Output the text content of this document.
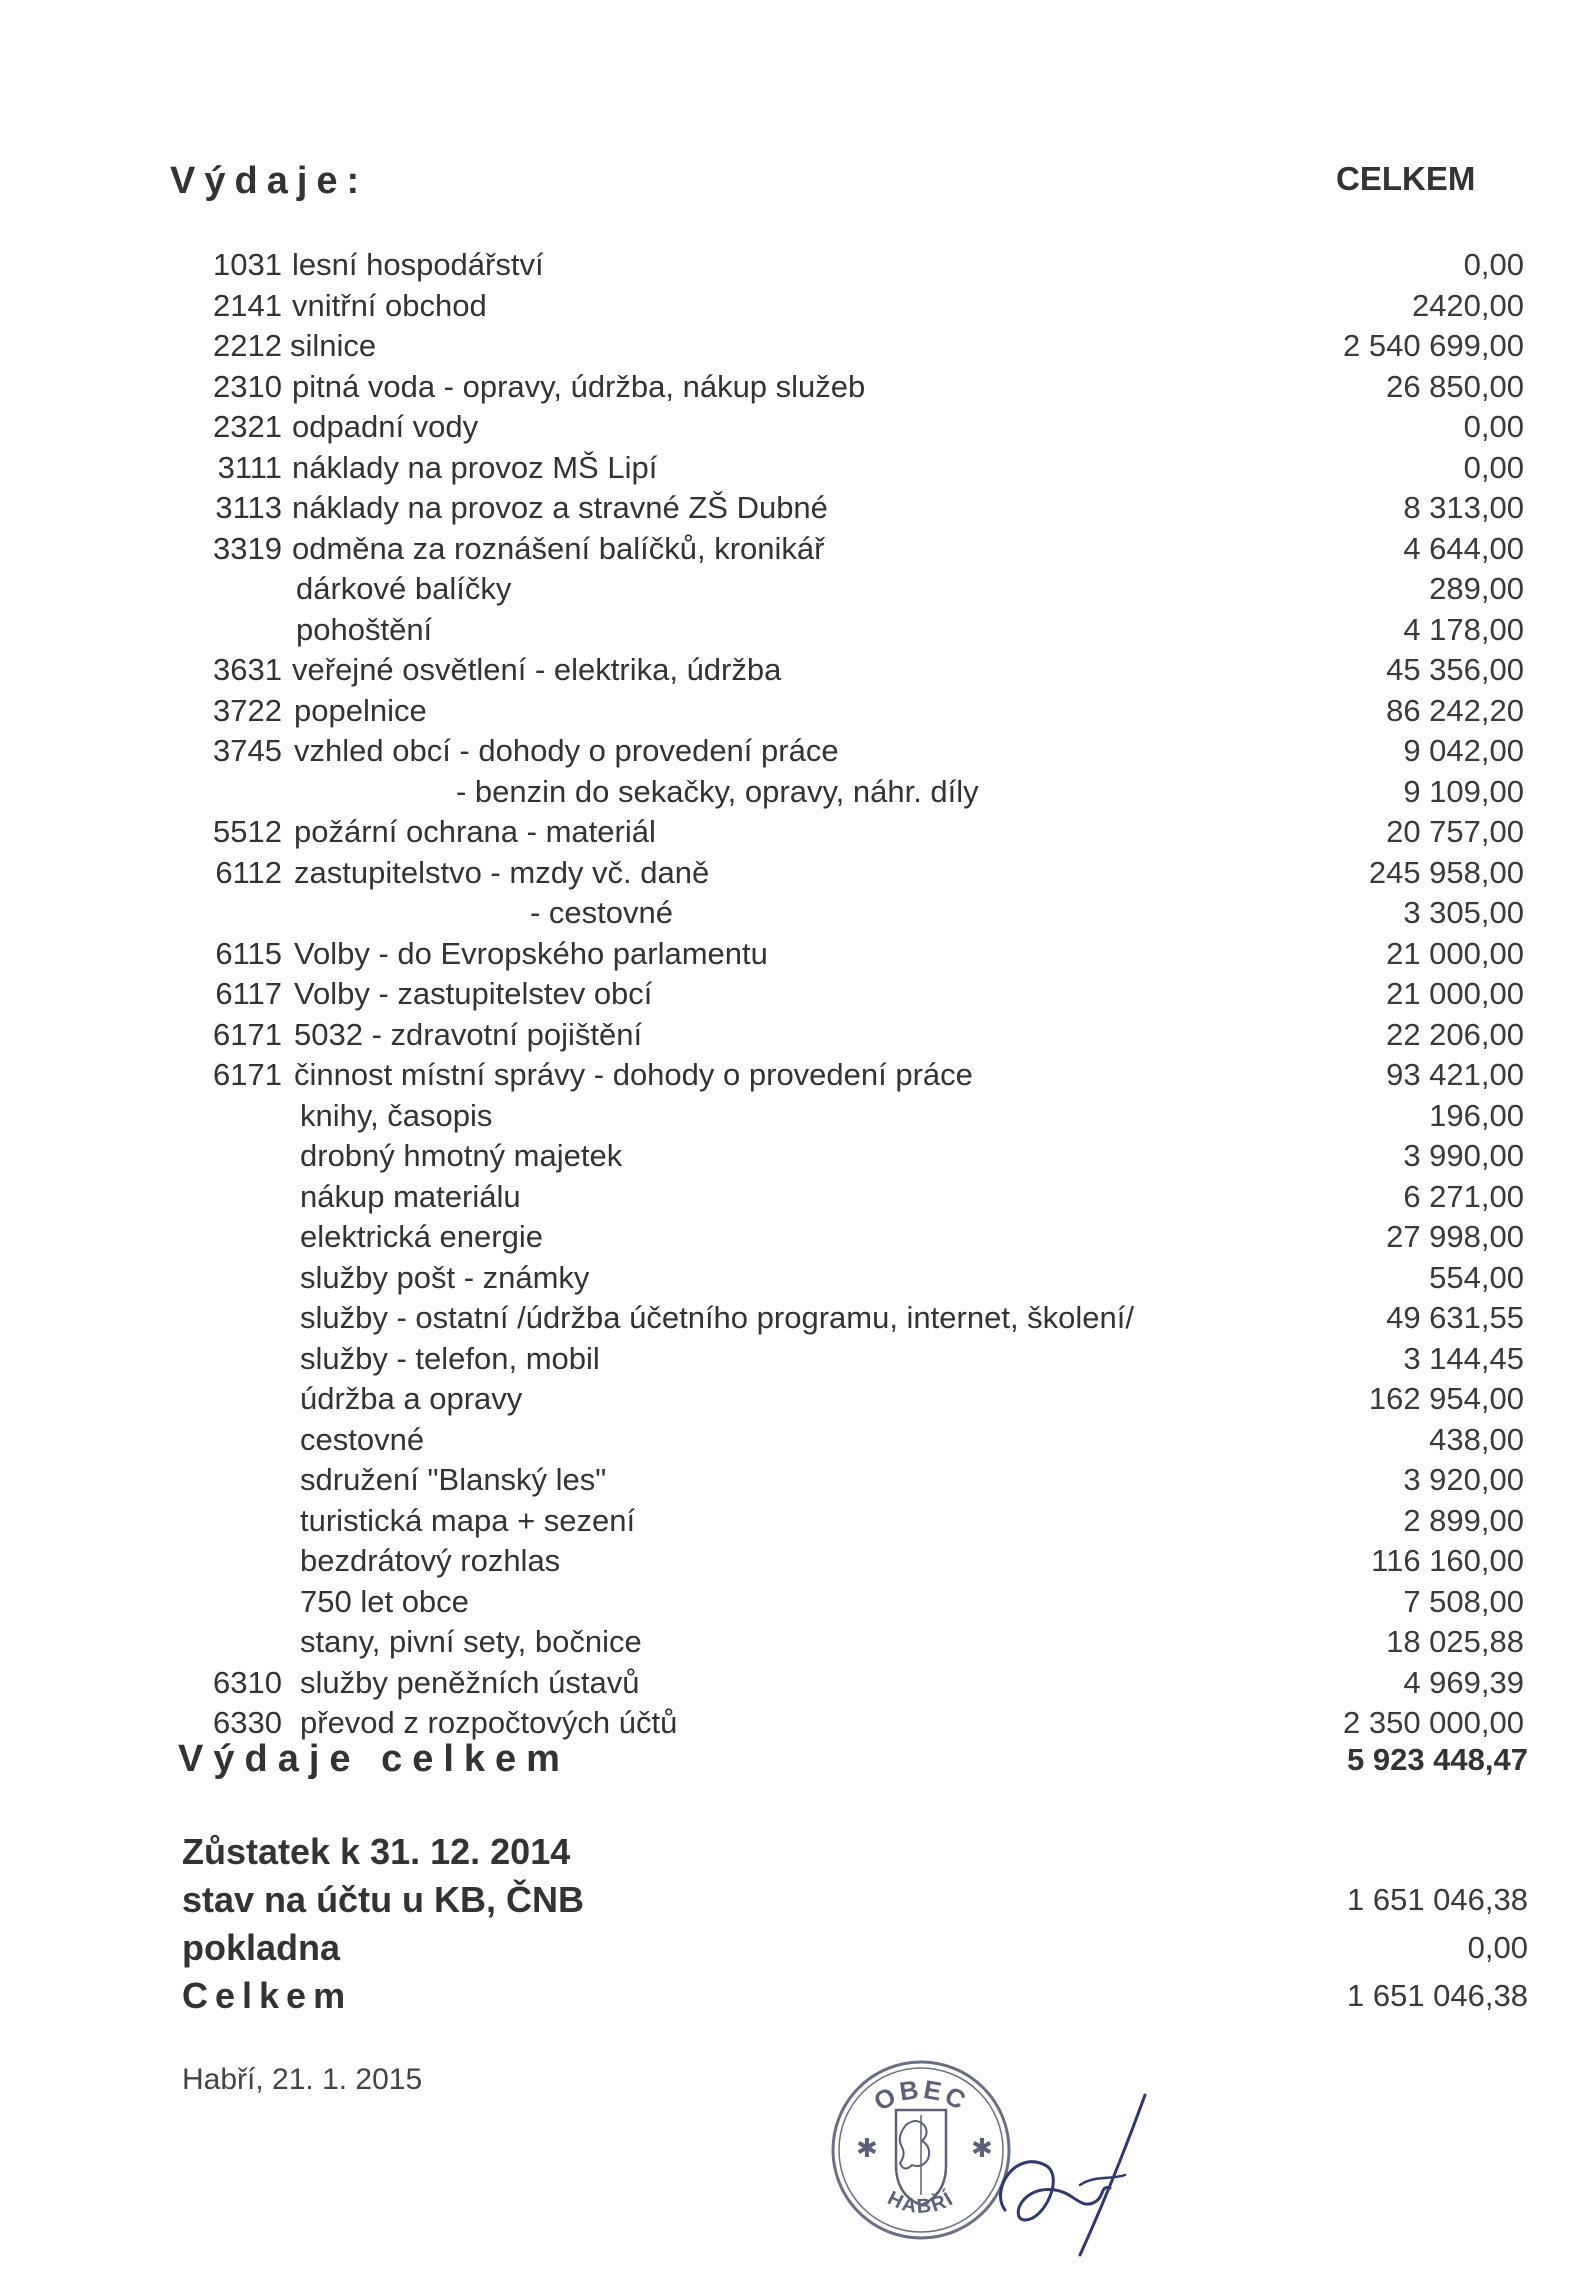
Výdaje:	CELKEM
1031 lesní hospodářství	0,00
2141 vnitřní obchod	2420,00
2212 silnice	2 540 699,00
2310 pitná voda - opravy, údržba, nákup služeb	26 850,00
2321 odpadní vody	0,00
3111 náklady na provoz MŠ Lipí	0,00
3113 náklady na provoz a stravné ZŠ Dubné	8 313,00
3319 odměna za roznášení balíčků, kronikář	4 644,00
dárkové balíčky	289,00
pohoštění	4 178,00
3631 veřejné osvětlení - elektrika, údržba	45 356,00
3722 popelnice	86 242,20
3745 vzhled obcí - dohody o provedení práce	9 042,00
- benzin do sekačky, opravy, náhr. díly	9 109,00
5512 požární ochrana - materiál	20 757,00
6112 zastupitelstvo - mzdy vč. daně	245 958,00
- cestovné	3 305,00
6115 Volby - do Evropského parlamentu	21 000,00
6117 Volby - zastupitelstev obcí	21 000,00
6171 5032 - zdravotní pojištění	22 206,00
6171 činnost místní správy - dohody o provedení práce	93 421,00
knihy, časopis	196,00
drobný hmotný majetek	3 990,00
nákup materiálu	6 271,00
elektrická energie	27 998,00
služby pošt - známky	554,00
služby - ostatní /údržba účetního programu, internet, školení/	49 631,55
služby - telefon, mobil	3 144,45
údržba a opravy	162 954,00
cestovné	438,00
sdružení "Blanský les"	3 920,00
turistická mapa + sezení	2 899,00
bezdrátový rozhlas	116 160,00
750 let obce	7 508,00
stany, pivní sety, bočnice	18 025,88
6310 služby peněžních ústavů	4 969,39
6330 převod z rozpočtových účtů	2 350 000,00
Výdaje celkem	5 923 448,47
Zůstatek k 31. 12. 2014
stav na účtu u KB, ČNB	1 651 046,38
pokladna	0,00
Celkem	1 651 046,38
Habří, 21. 1. 2015	OBEC
HABŘÍ
✱	✱
